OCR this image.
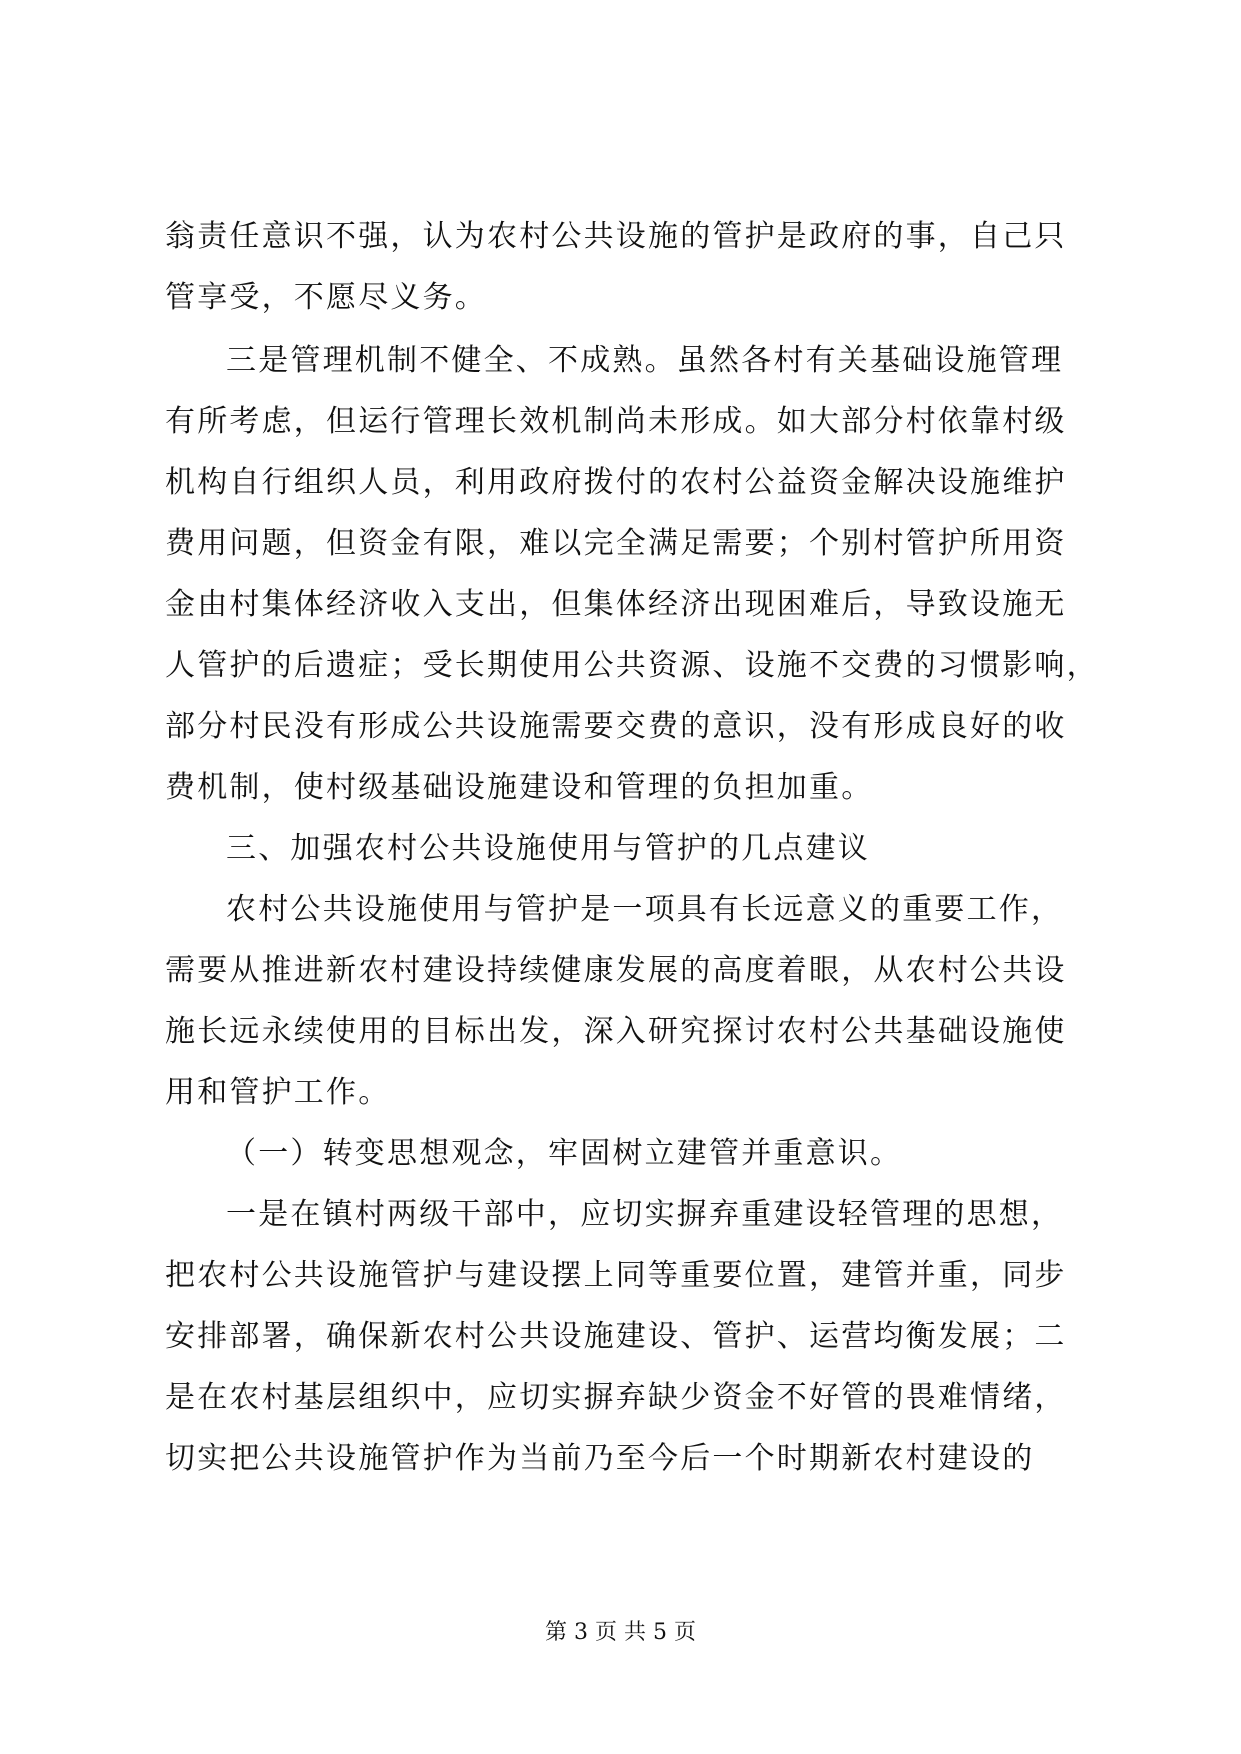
翁责任意识不强，认为农村公共设施的管护是政府的事，自己只
管享受，不愿尽义务。
三是管理机制不健全、不成熟。虽然各村有关基础设施管理
有所考虑，但运行管理长效机制尚未形成。如大部分村依靠村级
机构自行组织人员，利用政府拨付的农村公益资金解决设施维护
费用问题，但资金有限，难以完全满足需要；个别村管护所用资
金由村集体经济收入支出，但集体经济出现困难后，导致设施无
人管护的后遗症；受长期使用公共资源、设施不交费的习惯影响，
部分村民没有形成公共设施需要交费的意识，没有形成良好的收
费机制，使村级基础设施建设和管理的负担加重。
三、加强农村公共设施使用与管护的几点建议
农村公共设施使用与管护是一项具有长远意义的重要工作，
需要从推进新农村建设持续健康发展的高度着眼，从农村公共设
施长远永续使用的目标出发，深入研究探讨农村公共基础设施使
用和管护工作。
（一）转变思想观念，牢固树立建管并重意识。
一是在镇村两级干部中，应切实摒弃重建设轻管理的思想，
把农村公共设施管护与建设摆上同等重要位置，建管并重，同步
安排部署，确保新农村公共设施建设、管护、运营均衡发展；二
是在农村基层组织中，应切实摒弃缺少资金不好管的畏难情绪，
切实把公共设施管护作为当前乃至今后一个时期新农村建设的
第 3 页 共 5 页
